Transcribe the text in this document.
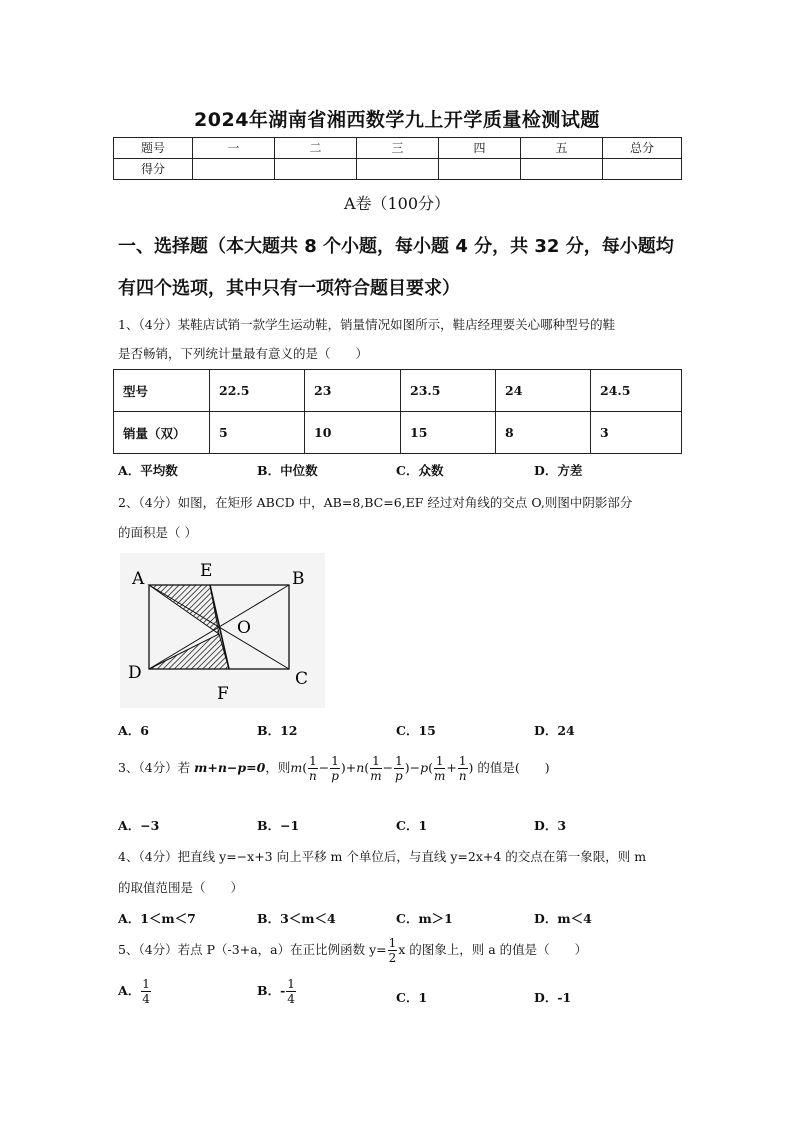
2024年湖南省湘西数学九上开学质量检测试题
题号	一	二	三	四	五	总分
得分						
A卷（100分）
一、选择题（本大题共 8 个小题，每小题 4 分，共 32 分，每小题均
有四个选项，其中只有一项符合题目要求）
1、（4分）某鞋店试销一款学生运动鞋，销量情况如图所示，鞋店经理要关心哪种型号的鞋
是否畅销，下列统计量最有意义的是（　　）
型号	22.5	23	23.5	24	24.5
销量（双）	5	10	15	8	3
A．平均数	B．中位数	C．众数	D．方差
2、（4分）如图，在矩形 ABCD 中，AB=8,BC=6,EF 经过对角线的交点 O,则图中阴影部分
的面积是（ ）
A	E	B
O
D	C
F
A．6	B．12	C．15	D．24
3、（4分）若 m+n−p=0，则$m( \frac{1}{n} - \frac{1}{p} )+n( \frac{1}{m} - \frac{1}{p} )-p( \frac{1}{m} + \frac{1}{n}$ ) 的值是(　　)
A．−3	B．−1	C．1	D．3
4、（4分）把直线 y=−x+3 向上平移 m 个单位后，与直线 y=2x+4 的交点在第一象限，则 m
的取值范围是（　　）
A．1＜m＜7	B．3＜m＜4	C．m＞1	D．m＜4
5、（4分）若点 P（-3+a，a）在正比例函数 $y= \frac{1}{2}$ x 的图象上，则 a 的值是（　　）
A． $\frac{1}{4}$	B．- $\frac{1}{4}$	C．1	D．-1
